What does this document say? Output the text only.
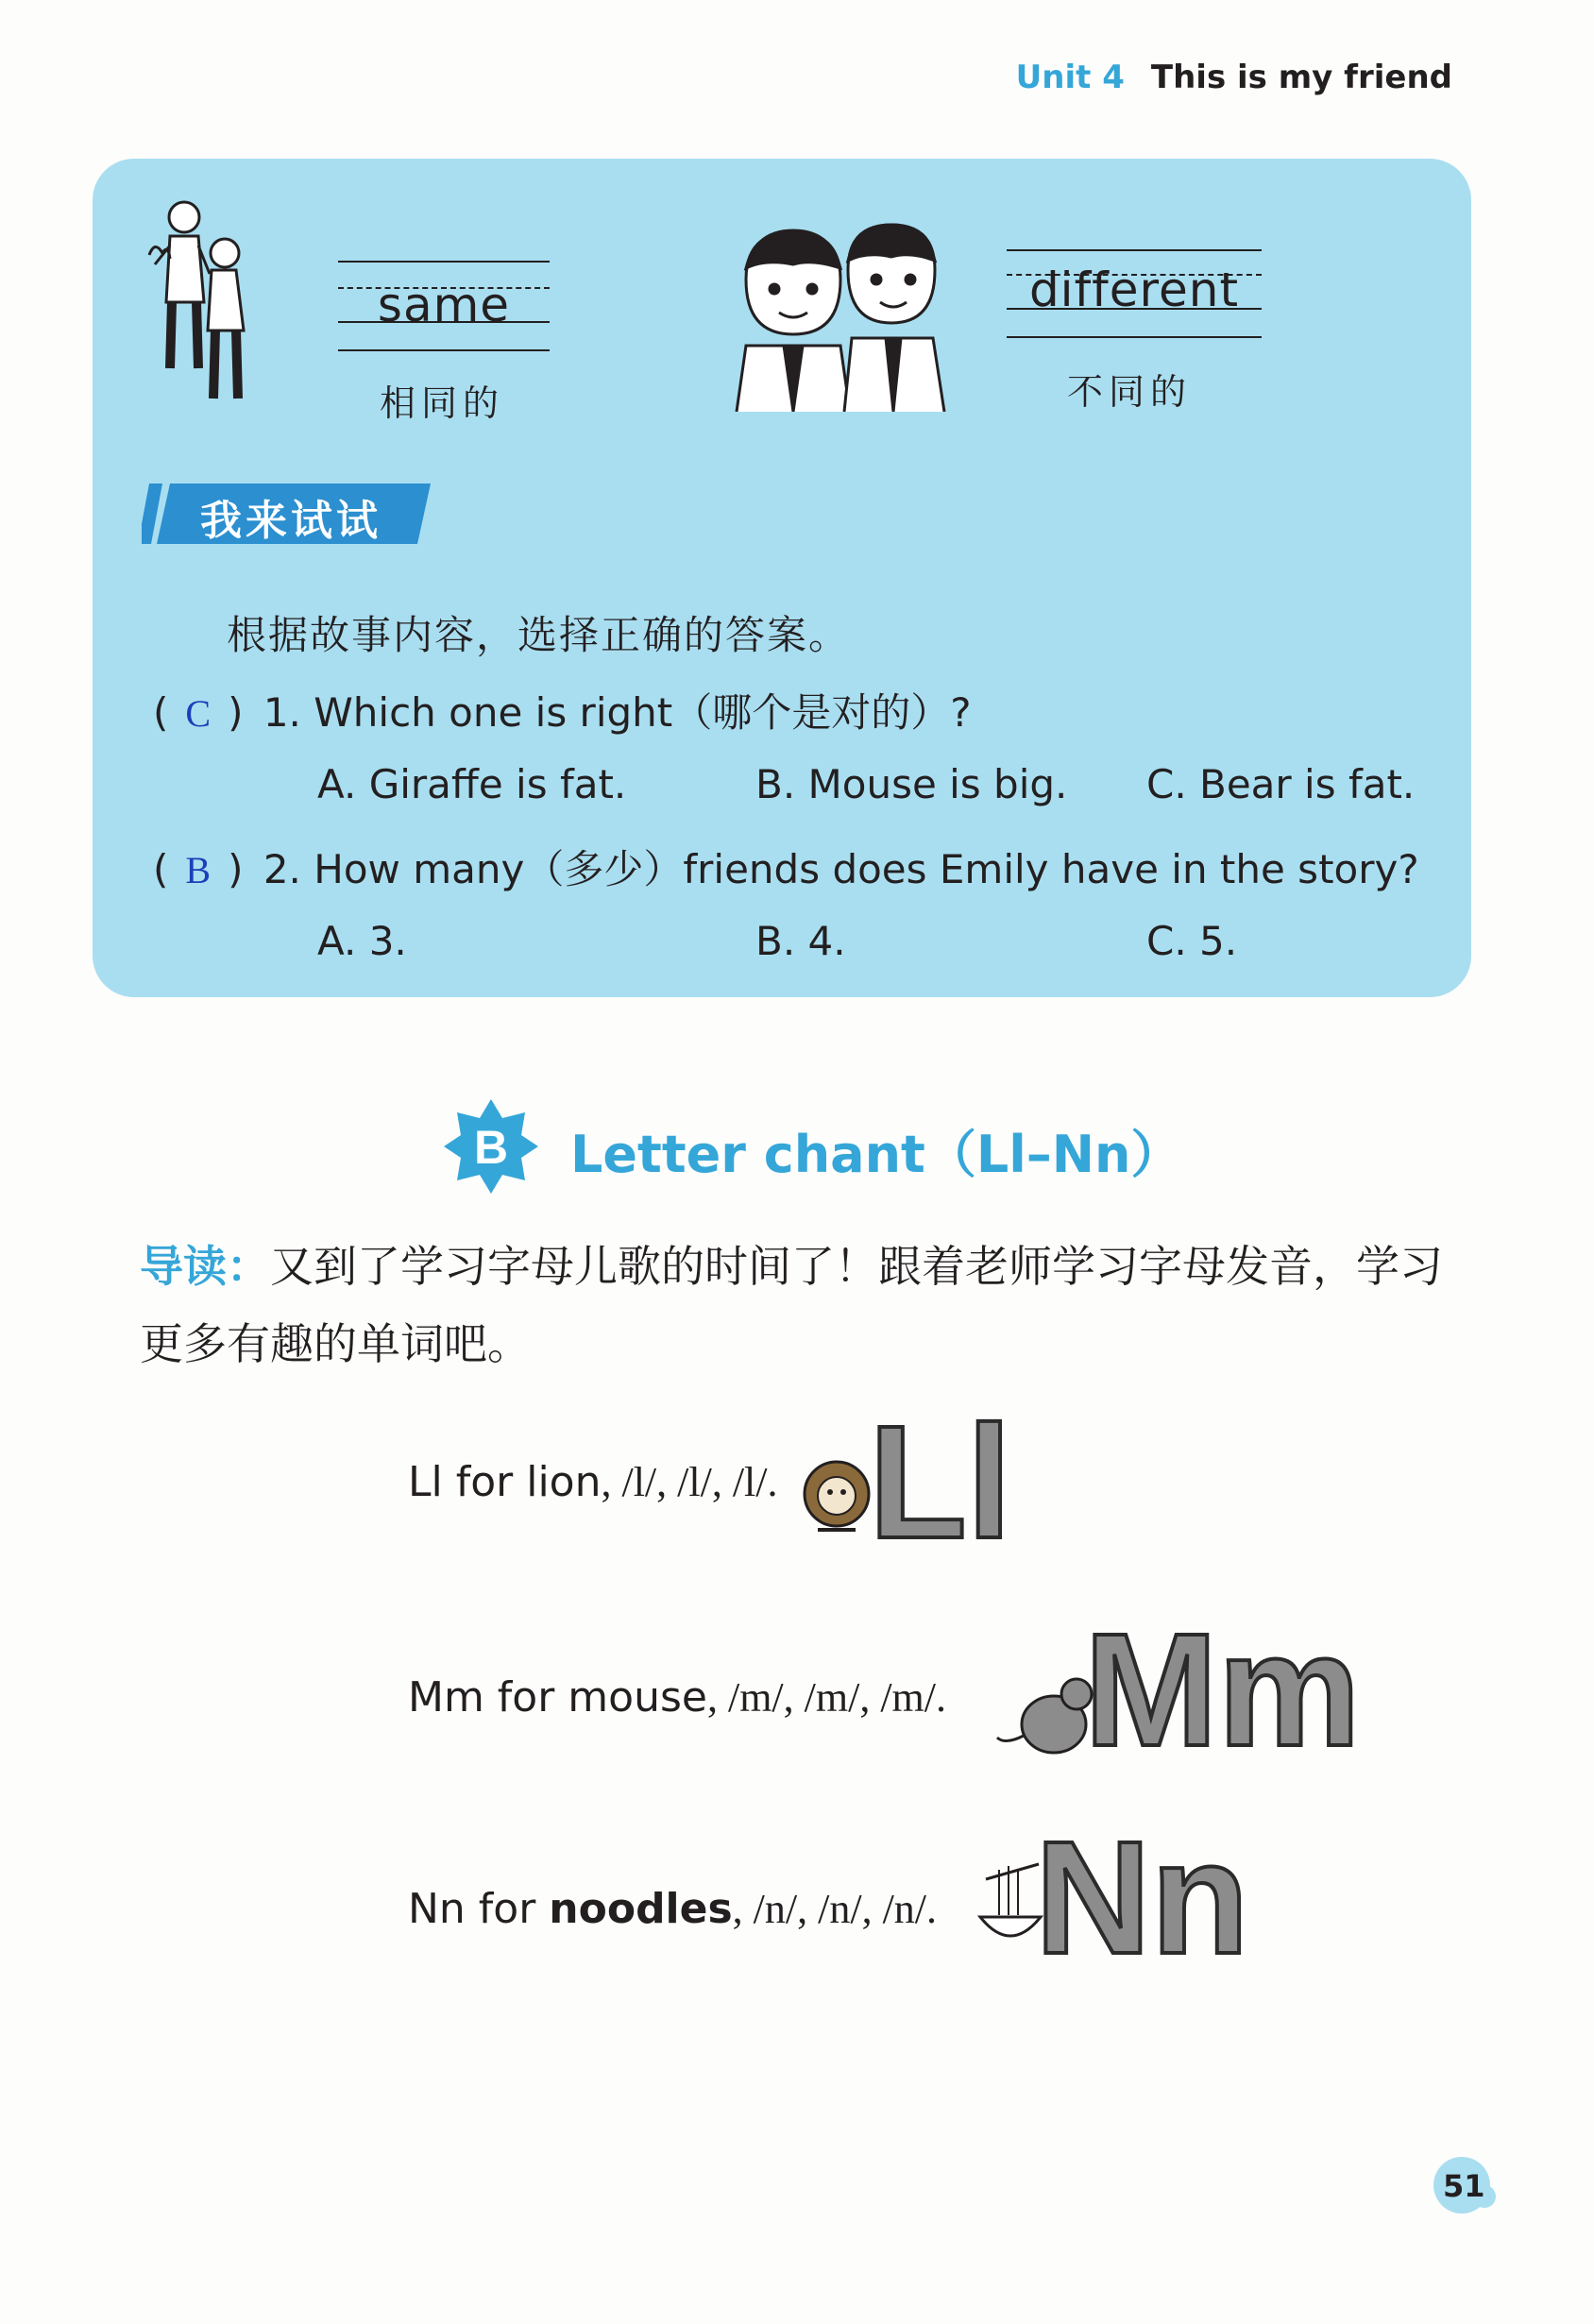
Unit 4 This is my friend
same
相同的
different
不同的
我来试试
根据故事内容，选择正确的答案。
( C ) 1. Which one is right（哪个是对的）?
A. Giraffe is fat.	B. Mouse is big. C. Bear is fat.
( B ) 2. How many（多少）friends does Emily have in the story?
A. 3.	B. 4.	C. 5.
B Letter chant（Ll–Nn）
导读：又到了学习字母儿歌的时间了！跟着老师学习字母发音，学习更多有趣的单词吧。
Ll for lion, /l/, /l/, /l/. Ll
Mm for mouse, /m/, /m/, /m/. Mm
Nn for noodles, /n/, /n/, /n/. Nn
51
